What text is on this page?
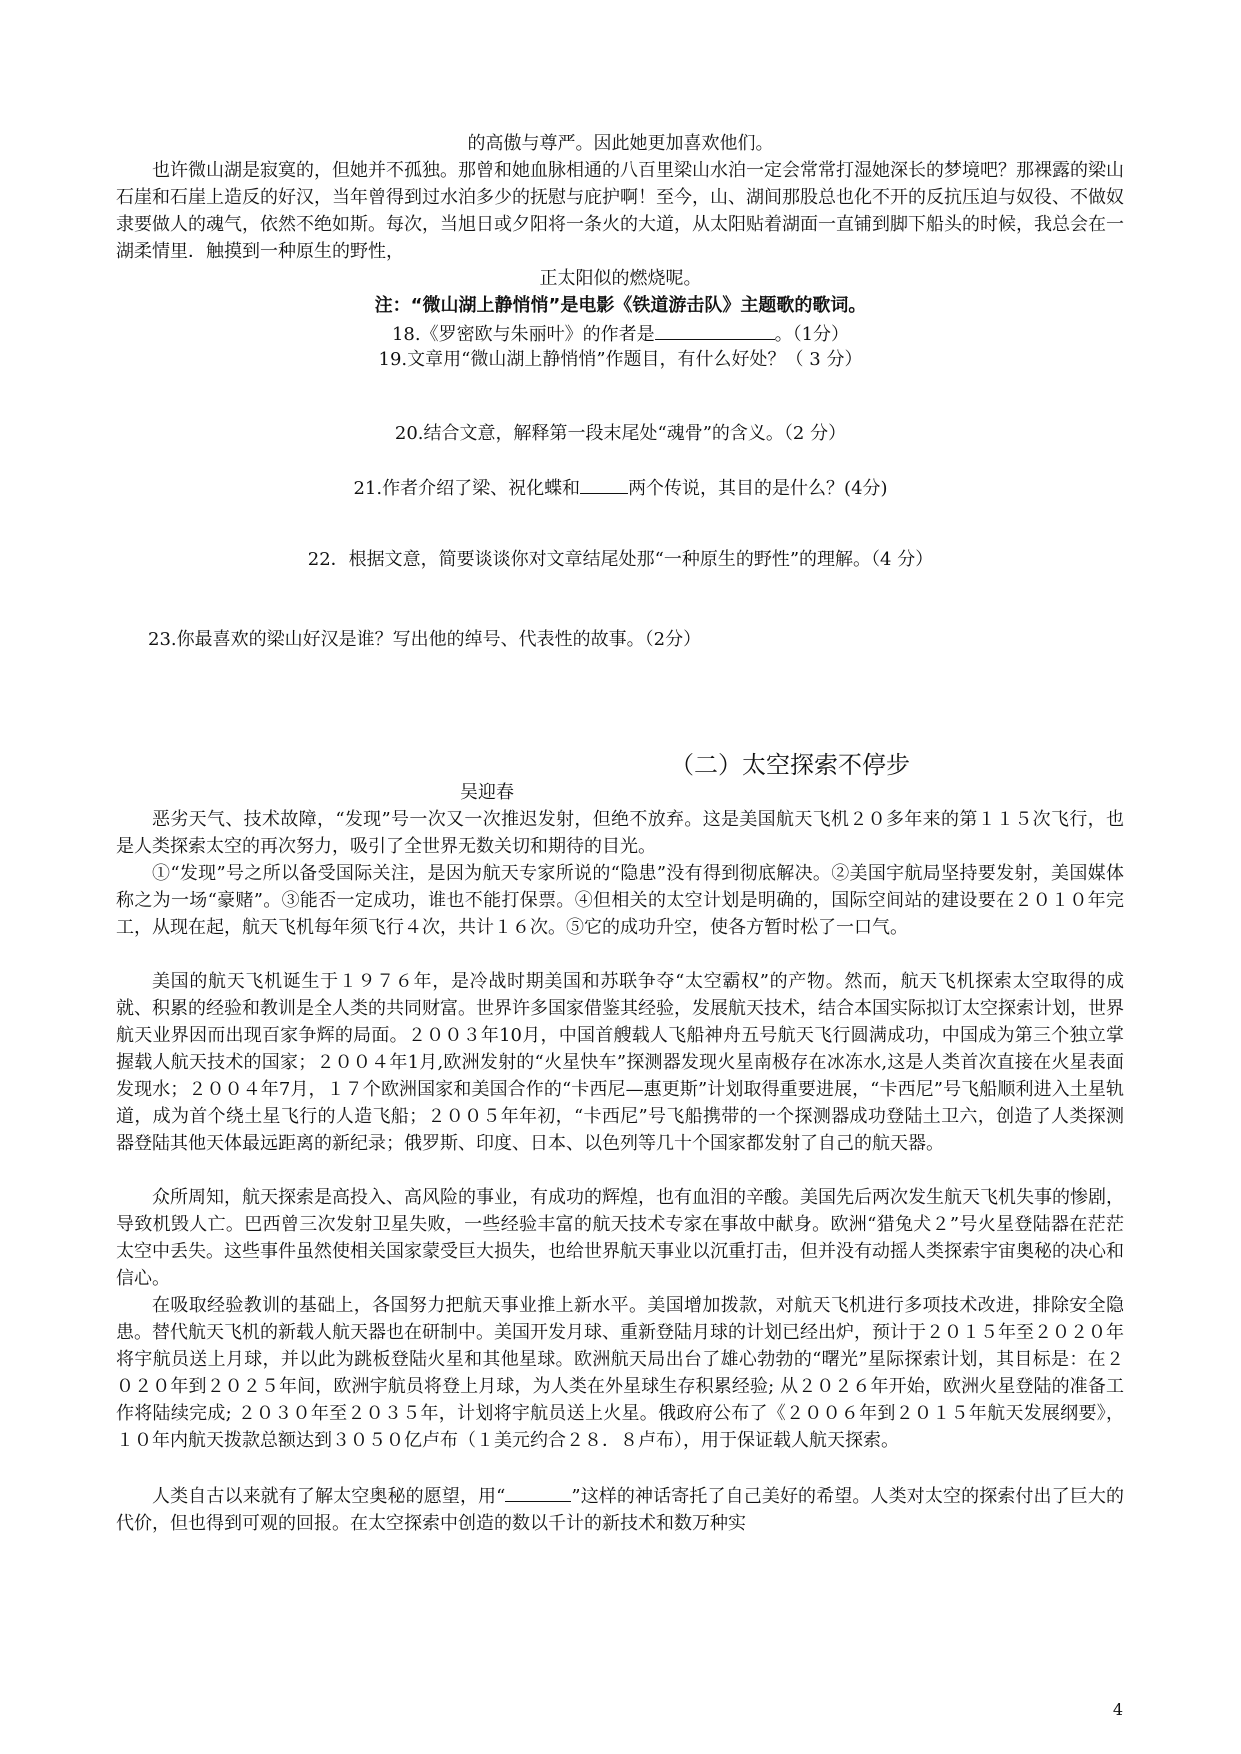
的高傲与尊严。因此她更加喜欢他们。

也许微山湖是寂寞的，但她并不孤独。那曾和她血脉相通的八百里梁山水泊一定会常常打湿她深长的梦境吧？那裸露的梁山石崖和石崖上造反的好汉，当年曾得到过水泊多少的抚慰与庇护啊！至今，山、湖间那股总也化不开的反抗压迫与奴役、不做奴隶要做人的魂气，依然不绝如斯。每次，当旭日或夕阳将一条火的大道，从太阳贴着湖面一直铺到脚下船头的时候，我总会在一湖柔情里．触摸到一种原生的野性，

正太阳似的燃烧呢。
注：“微山湖上静悄悄”是电影《铁道游击队》主题歌的歌词。
18.《罗密欧与朱丽叶》的作者是	。（1分）
19.文章用“微山湖上静悄悄”作题目，有什么好处？（ 3 分）
20.结合文意，解释第一段末尾处“魂骨”的含义。（2 分）
21.作者介绍了梁、祝化蝶和	两个传说，其目的是什么？(4分)
22．根据文意，简要谈谈你对文章结尾处那“一种原生的野性”的理解。（4 分）
23.你最喜欢的梁山好汉是谁？写出他的绰号、代表性的故事。（2分）
（二）太空探索不停步
吴迎春

恶劣天气、技术故障，“发现”号一次又一次推迟发射，但绝不放弃。这是美国航天飞机２０多年来的第１１５次飞行，也是人类探索太空的再次努力，吸引了全世界无数关切和期待的目光。

①“发现”号之所以备受国际关注，是因为航天专家所说的“隐患”没有得到彻底解决。②美国宇航局坚持要发射，美国媒体称之为一场“豪赌”。③能否一定成功，谁也不能打保票。④但相关的太空计划是明确的，国际空间站的建设要在２０１０年完工，从现在起，航天飞机每年须飞行４次，共计１６次。⑤它的成功升空，使各方暂时松了一口气。

美国的航天飞机诞生于１９７６年，是冷战时期美国和苏联争夺“太空霸权”的产物。然而，航天飞机探索太空取得的成就、积累的经验和教训是全人类的共同财富。世界许多国家借鉴其经验，发展航天技术，结合本国实际拟订太空探索计划，世界航天业界因而出现百家争辉的局面。２００３年10月，中国首艘载人飞船神舟五号航天飞行圆满成功，中国成为第三个独立掌握载人航天技术的国家；２００４年1月,欧洲发射的“火星快车”探测器发现火星南极存在冰冻水,这是人类首次直接在火星表面发现水；２００４年7月，１７个欧洲国家和美国合作的“卡西尼—惠更斯”计划取得重要进展，“卡西尼”号飞船顺利进入土星轨道，成为首个绕土星飞行的人造飞船；２００５年年初，“卡西尼”号飞船携带的一个探测器成功登陆土卫六，创造了人类探测器登陆其他天体最远距离的新纪录；俄罗斯、印度、日本、以色列等几十个国家都发射了自己的航天器。

众所周知，航天探索是高投入、高风险的事业，有成功的辉煌，也有血泪的辛酸。美国先后两次发生航天飞机失事的惨剧，导致机毁人亡。巴西曾三次发射卫星失败，一些经验丰富的航天技术专家在事故中献身。欧洲“猎兔犬２”号火星登陆器在茫茫太空中丢失。这些事件虽然使相关国家蒙受巨大损失，也给世界航天事业以沉重打击，但并没有动摇人类探索宇宙奥秘的决心和信心。

在吸取经验教训的基础上，各国努力把航天事业推上新水平。美国增加拨款，对航天飞机进行多项技术改进，排除安全隐患。替代航天飞机的新载人航天器也在研制中。美国开发月球、重新登陆月球的计划已经出炉，预计于２０１５年至２０２０年将宇航员送上月球，并以此为跳板登陆火星和其他星球。欧洲航天局出台了雄心勃勃的“曙光”星际探索计划，其目标是：在２０２０年到２０２５年间，欧洲宇航员将登上月球，为人类在外星球生存积累经验; 从２０２６年开始，欧洲火星登陆的准备工作将陆续完成; ２０３０年至２０３５年，计划将宇航员送上火星。俄政府公布了《２００６年到２０１５年航天发展纲要》，１０年内航天拨款总额达到３０５０亿卢布（１美元约合２８．８卢布），用于保证载人航天探索。

人类自古以来就有了解太空奥秘的愿望，用“	”这样的神话寄托了自己美好的希望。人类对太空的探索付出了巨大的代价，但也得到可观的回报。在太空探索中创造的数以千计的新技术和数万种实

4
